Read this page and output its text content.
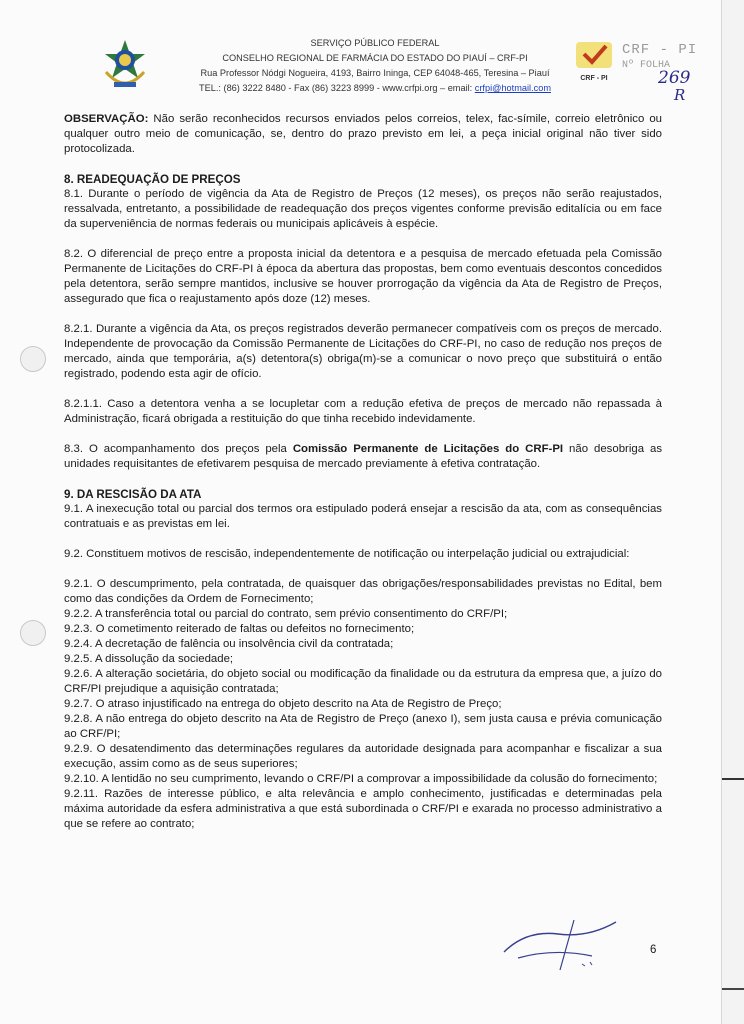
SERVIÇO PÚBLICO FEDERAL
CONSELHO REGIONAL DE FARMÁCIA DO ESTADO DO PIAUÍ – CRF-PI
Rua Professor Nódgi Nogueira, 4193, Bairro Ininga, CEP 64048-465, Teresina – Piauí
TEL.: (86) 3222 8480 - Fax (86) 3223 8999 - www.crfpi.org – email: crfpi@hotmail.com
CRF - PI
CRF - PI
Nº FOLHA
269
R

OBSERVAÇÃO: Não serão reconhecidos recursos enviados pelos correios, telex, fac-símile, correio eletrônico ou qualquer outro meio de comunicação, se, dentro do prazo previsto em lei, a peça inicial original não tiver sido protocolizada.

8. READEQUAÇÃO DE PREÇOS

8.1. Durante o período de vigência da Ata de Registro de Preços (12 meses), os preços não serão reajustados, ressalvada, entretanto, a possibilidade de readequação dos preços vigentes conforme previsão editalícia ou em face da superveniência de normas federais ou municipais aplicáveis à espécie.

8.2. O diferencial de preço entre a proposta inicial da detentora e a pesquisa de mercado efetuada pela Comissão Permanente de Licitações do CRF-PI à época da abertura das propostas, bem como eventuais descontos concedidos pela detentora, serão sempre mantidos, inclusive se houver prorrogação da vigência da Ata de Registro de Preços, assegurado que fica o reajustamento após doze (12) meses.

8.2.1. Durante a vigência da Ata, os preços registrados deverão permanecer compatíveis com os preços de mercado. Independente de provocação da Comissão Permanente de Licitações do CRF-PI, no caso de redução nos preços de mercado, ainda que temporária, a(s) detentora(s) obriga(m)-se a comunicar o novo preço que substituirá o então registrado, podendo esta agir de ofício.

8.2.1.1. Caso a detentora venha a se locupletar com a redução efetiva de preços de mercado não repassada à Administração, ficará obrigada a restituição do que tinha recebido indevidamente.

8.3. O acompanhamento dos preços pela Comissão Permanente de Licitações do CRF-PI não desobriga as unidades requisitantes de efetivarem pesquisa de mercado previamente à efetiva contratação.

9. DA RESCISÃO DA ATA

9.1. A inexecução total ou parcial dos termos ora estipulado poderá ensejar a rescisão da ata, com as consequências contratuais e as previstas em lei.

9.2. Constituem motivos de rescisão, independentemente de notificação ou interpelação judicial ou extrajudicial:

9.2.1. O descumprimento, pela contratada, de quaisquer das obrigações/responsabilidades previstas no Edital, bem como das condições da Ordem de Fornecimento;

9.2.2. A transferência total ou parcial do contrato, sem prévio consentimento do CRF/PI;

9.2.3. O cometimento reiterado de faltas ou defeitos no fornecimento;

9.2.4. A decretação de falência ou insolvência civil da contratada;

9.2.5. A dissolução da sociedade;

9.2.6. A alteração societária, do objeto social ou modificação da finalidade ou da estrutura da empresa que, a juízo do CRF/PI prejudique a aquisição contratada;

9.2.7. O atraso injustificado na entrega do objeto descrito na Ata de Registro de Preço;

9.2.8. A não entrega do objeto descrito na Ata de Registro de Preço (anexo I), sem justa causa e prévia comunicação ao CRF/PI;

9.2.9. O desatendimento das determinações regulares da autoridade designada para acompanhar e fiscalizar a sua execução, assim como as de seus superiores;

9.2.10. A lentidão no seu cumprimento, levando o CRF/PI a comprovar a impossibilidade da colusão do fornecimento;

9.2.11. Razões de interesse público, e alta relevância e amplo conhecimento, justificadas e determinadas pela máxima autoridade da esfera administrativa a que está subordinada o CRF/PI e exarada no processo administrativo a que se refere ao contrato;

6
